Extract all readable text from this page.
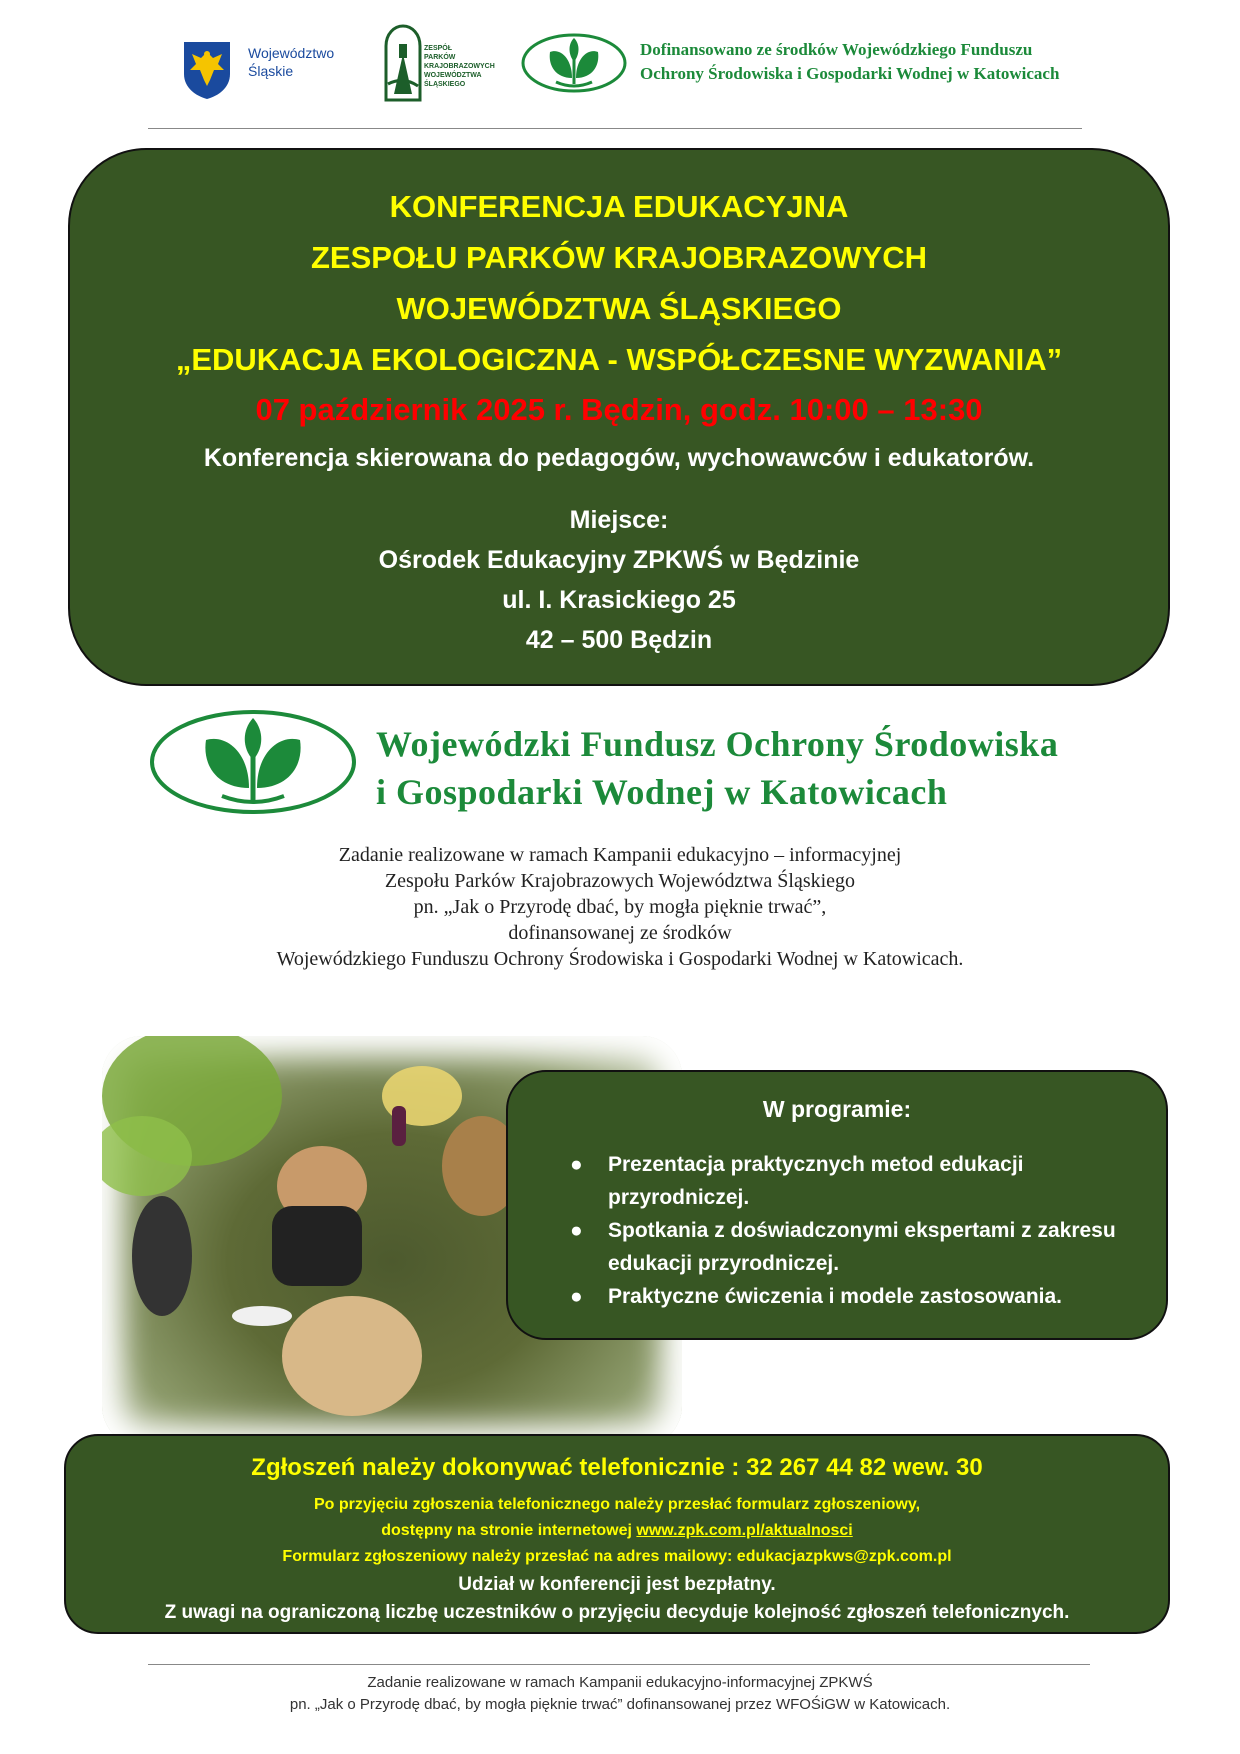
Województwo
Śląskie
ZESPÓŁ
PARKÓW
KRAJOBRAZOWYCH
WOJEWÓDZTWA
ŚLĄSKIEGO
Dofinansowano ze środków Wojewódzkiego Funduszu
Ochrony Środowiska i Gospodarki Wodnej w Katowicach
KONFERENCJA EDUKACYJNA
ZESPOŁU PARKÓW KRAJOBRAZOWYCH
WOJEWÓDZTWA ŚLĄSKIEGO
„EDUKACJA EKOLOGICZNA - WSPÓŁCZESNE WYZWANIA”
07 październik 2025 r. Będzin, godz. 10:00 – 13:30
Konferencja skierowana do pedagogów, wychowawców i edukatorów.
Miejsce:
Ośrodek Edukacyjny ZPKWŚ w Będzinie
ul. I. Krasickiego 25
42 – 500 Będzin
Wojewódzki Fundusz Ochrony Środowiska
i Gospodarki Wodnej w Katowicach
Zadanie realizowane w ramach Kampanii edukacyjno – informacyjnej
Zespołu Parków Krajobrazowych Województwa Śląskiego
pn. „Jak o Przyrodę dbać, by mogła pięknie trwać”,
dofinansowanej ze środków
Wojewódzkiego Funduszu Ochrony Środowiska i Gospodarki Wodnej w Katowicach.
W programie:
● Prezentacja praktycznych metod edukacji
przyrodniczej.
● Spotkania z doświadczonymi ekspertami z zakresu
edukacji przyrodniczej.
● Praktyczne ćwiczenia i modele zastosowania.
Zgłoszeń należy dokonywać telefonicznie : 32 267 44 82 wew. 30
Po przyjęciu zgłoszenia telefonicznego należy przesłać formularz zgłoszeniowy,
dostępny na stronie internetowej www.zpk.com.pl/aktualnosci
Formularz zgłoszeniowy należy przesłać na adres mailowy: edukacjazpkws@zpk.com.pl
Udział w konferencji jest bezpłatny.
Z uwagi na ograniczoną liczbę uczestników o przyjęciu decyduje kolejność zgłoszeń telefonicznych.
Zadanie realizowane w ramach Kampanii edukacyjno-informacyjnej ZPKWŚ
pn. „Jak o Przyrodę dbać, by mogła pięknie trwać” dofinansowanej przez WFOŚiGW w Katowicach.
